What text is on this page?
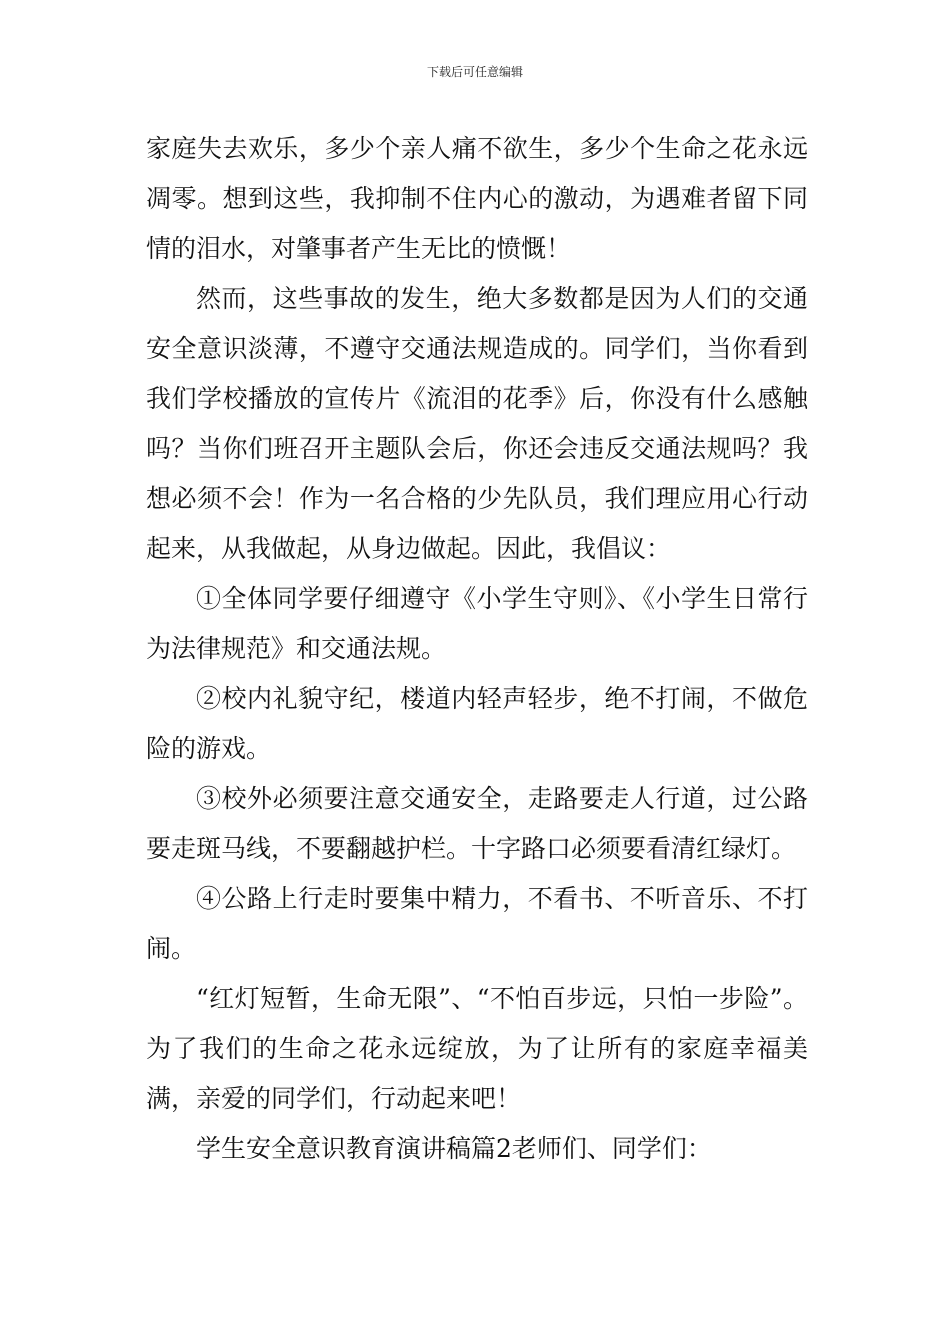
下载后可任意编辑

家庭失去欢乐，多少个亲人痛不欲生，多少个生命之花永远凋零。想到这些，我抑制不住内心的激动，为遇难者留下同情的泪水，对肇事者产生无比的愤慨！

然而，这些事故的发生，绝大多数都是因为人们的交通安全意识淡薄，不遵守交通法规造成的。同学们，当你看到我们学校播放的宣传片《流泪的花季》后，你没有什么感触吗？当你们班召开主题队会后，你还会违反交通法规吗？我想必须不会！作为一名合格的少先队员，我们理应用心行动起来，从我做起，从身边做起。因此，我倡议：

①全体同学要仔细遵守《小学生守则》、《小学生日常行为法律规范》和交通法规。

②校内礼貌守纪，楼道内轻声轻步，绝不打闹，不做危险的游戏。

③校外必须要注意交通安全，走路要走人行道，过公路要走斑马线，不要翻越护栏。十字路口必须要看清红绿灯。

④公路上行走时要集中精力，不看书、不听音乐、不打闹。

“红灯短暂，生命无限”、“不怕百步远，只怕一步险”。为了我们的生命之花永远绽放，为了让所有的家庭幸福美满，亲爱的同学们，行动起来吧！

学生安全意识教育演讲稿篇2老师们、同学们：
